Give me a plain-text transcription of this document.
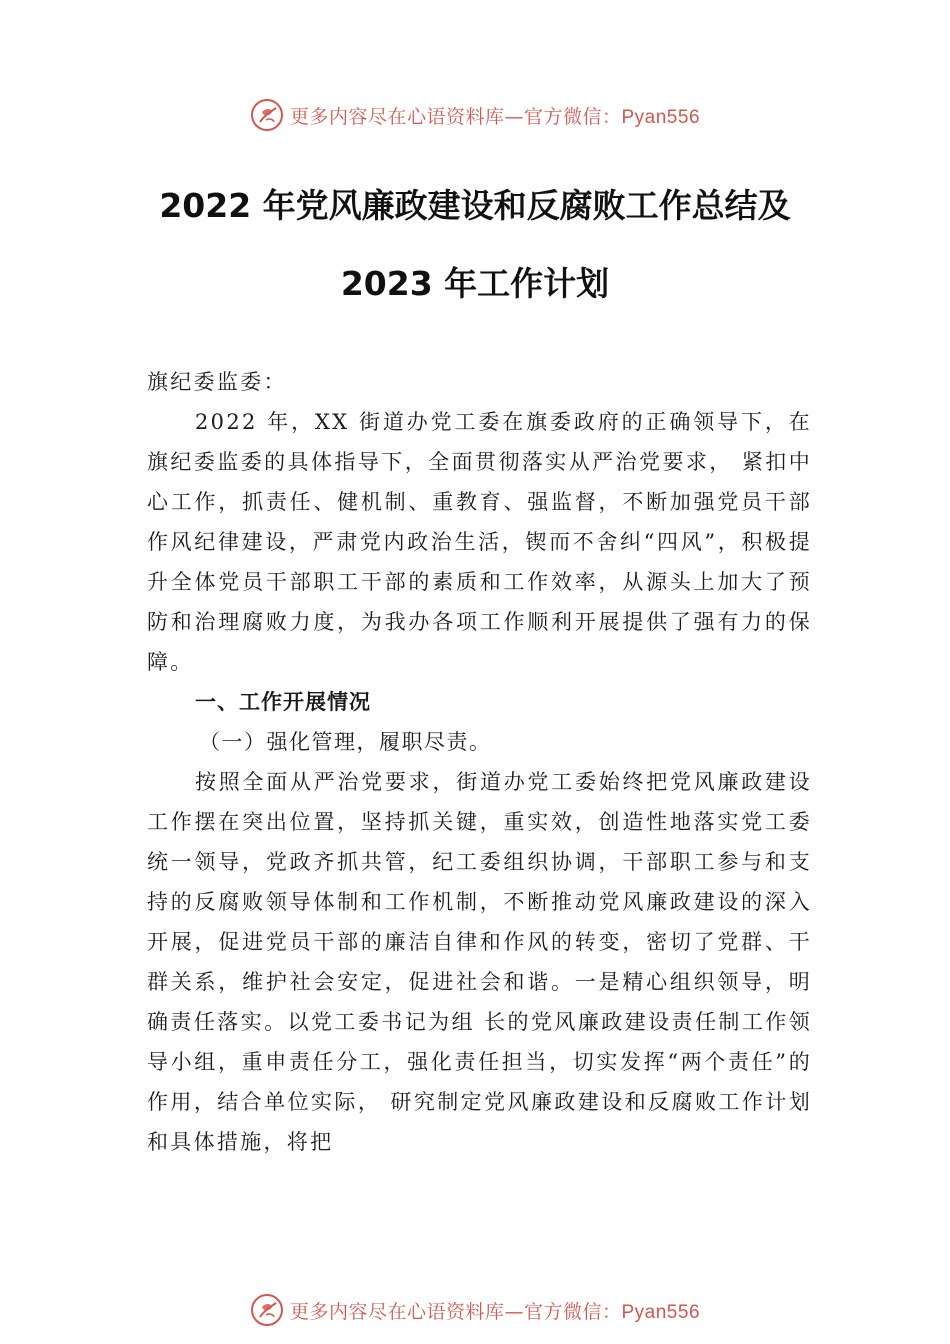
更多内容尽在心语资料库—官方微信：Pyan556
2022 年党风廉政建设和反腐败工作总结及
2023 年工作计划

旗纪委监委：

2022 年，XX 街道办党工委在旗委政府的正确领导下，在旗纪委监委的具体指导下，全面贯彻落实从严治党要求， 紧扣中心工作，抓责任、健机制、重教育、强监督，不断加强党员干部作风纪律建设，严肃党内政治生活，锲而不舍纠“四风”，积极提升全体党员干部职工干部的素质和工作效率，从源头上加大了预防和治理腐败力度，为我办各项工作顺利开展提供了强有力的保障。

一、工作开展情况

（一）强化管理，履职尽责。

按照全面从严治党要求，街道办党工委始终把党风廉政建设工作摆在突出位置，坚持抓关键，重实效，创造性地落实党工委统一领导，党政齐抓共管，纪工委组织协调，干部职工参与和支持的反腐败领导体制和工作机制，不断推动党风廉政建设的深入开展，促进党员干部的廉洁自律和作风的转变，密切了党群、干群关系，维护社会安定，促进社会和谐。一是精心组织领导，明确责任落实。以党工委书记为组 长的党风廉政建设责任制工作领导小组，重申责任分工，强化责任担当，切实发挥“两个责任”的作用，结合单位实际， 研究制定党风廉政建设和反腐败工作计划和具体措施，将把

更多内容尽在心语资料库—官方微信：Pyan556
